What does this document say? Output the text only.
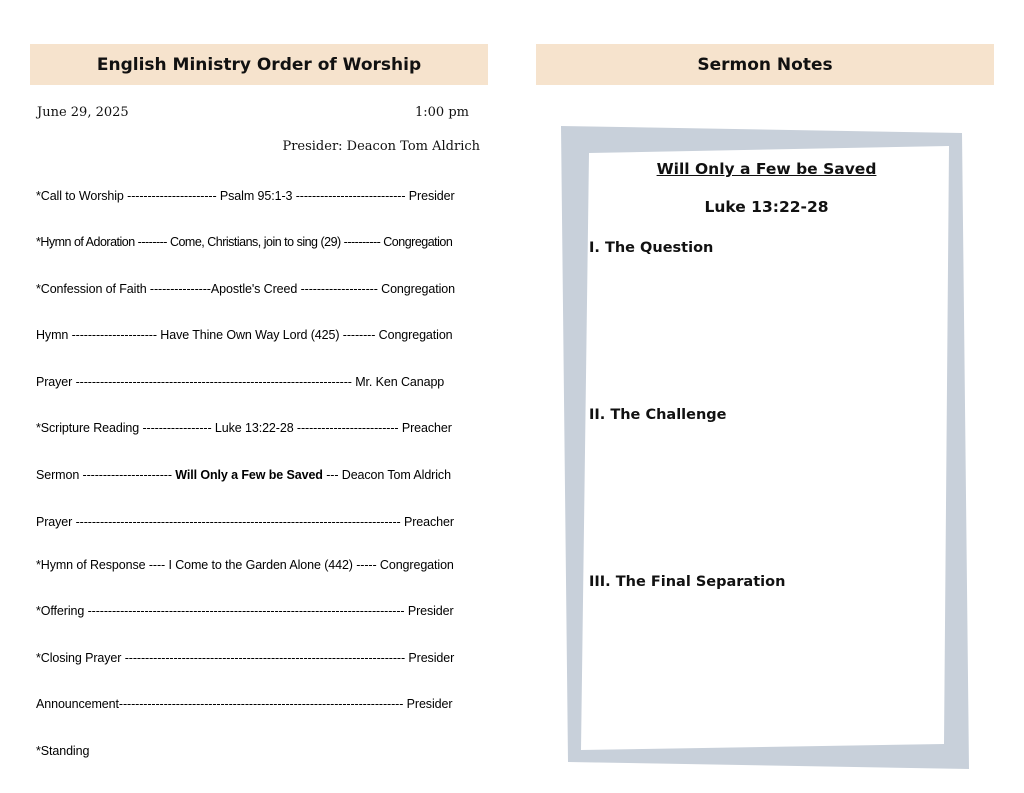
English Ministry Order of Worship	Sermon Notes
June 29, 2025	1:00 pm
Presider: Deacon Tom Aldrich
*Call to Worship ---------------------- Psalm 95:1-3 --------------------------- Presider
*Hymn of Adoration -------- Come, Christians, join to sing (29) ---------- Congregation
*Confession of Faith ---------------Apostle's Creed ------------------- Congregation
Hymn --------------------- Have Thine Own Way Lord (425) -------- Congregation
Prayer -------------------------------------------------------------------- Mr. Ken Canapp
*Scripture Reading ----------------- Luke 13:22-28 ------------------------- Preacher
Sermon ---------------------- Will Only a Few be Saved --- Deacon Tom Aldrich
Prayer -------------------------------------------------------------------------------- Preacher
*Hymn of Response ---- I Come to the Garden Alone (442) ----- Congregation
*Offering ------------------------------------------------------------------------------ Presider
*Closing Prayer --------------------------------------------------------------------- Presider
Announcement---------------------------------------------------------------------- Presider
*Standing
Will Only a Few be Saved
Luke 13:22-28
I. The Question
II. The Challenge
III. The Final Separation
